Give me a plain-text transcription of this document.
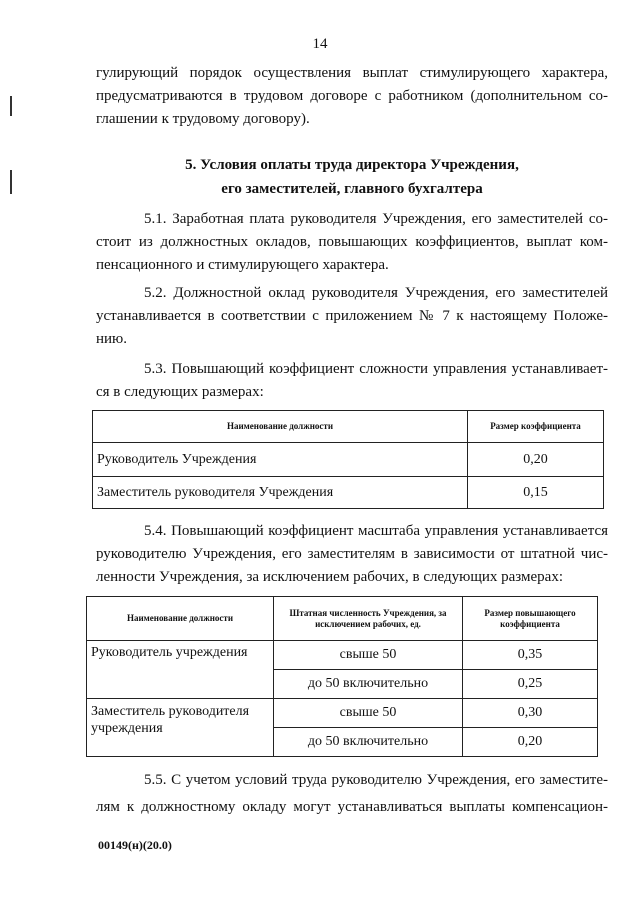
14
гулирующий порядок осуществления выплат стимулирующего характера,
предусматриваются в трудовом договоре с работником (дополнительном со-
глашении к трудовому договору).
5. Условия оплаты труда директора Учреждения,
его заместителей, главного бухгалтера
5.1. Заработная плата руководителя Учреждения, его заместителей со-
стоит из должностных окладов, повышающих коэффициентов, выплат ком-
пенсационного и стимулирующего характера.
5.2. Должностной оклад руководителя Учреждения, его заместителей
устанавливается в соответствии с приложением № 7 к настоящему Положе-
нию.
5.3. Повышающий коэффициент сложности управления устанавливает-
ся в следующих размерах:
Наименование должности	Размер коэффициента
Руководитель Учреждения	0,20
Заместитель руководителя Учреждения	0,15
5.4. Повышающий коэффициент масштаба управления устанавливается
руководителю Учреждения, его заместителям в зависимости от штатной чис-
ленности Учреждения, за исключением рабочих, в следующих размерах:
Наименование должности	Штатная численность Учреждения, за исключением рабочих, ед.	Размер повышающего коэффициента
Руководитель учреждения	свыше 50	0,35
	до 50 включительно	0,25
Заместитель руководителя учреждения	свыше 50	0,30
	до 50 включительно	0,20
5.5. С учетом условий труда руководителю Учреждения, его заместите-
лям к должностному окладу могут устанавливаться выплаты компенсацион-
00149(н)(20.0)
